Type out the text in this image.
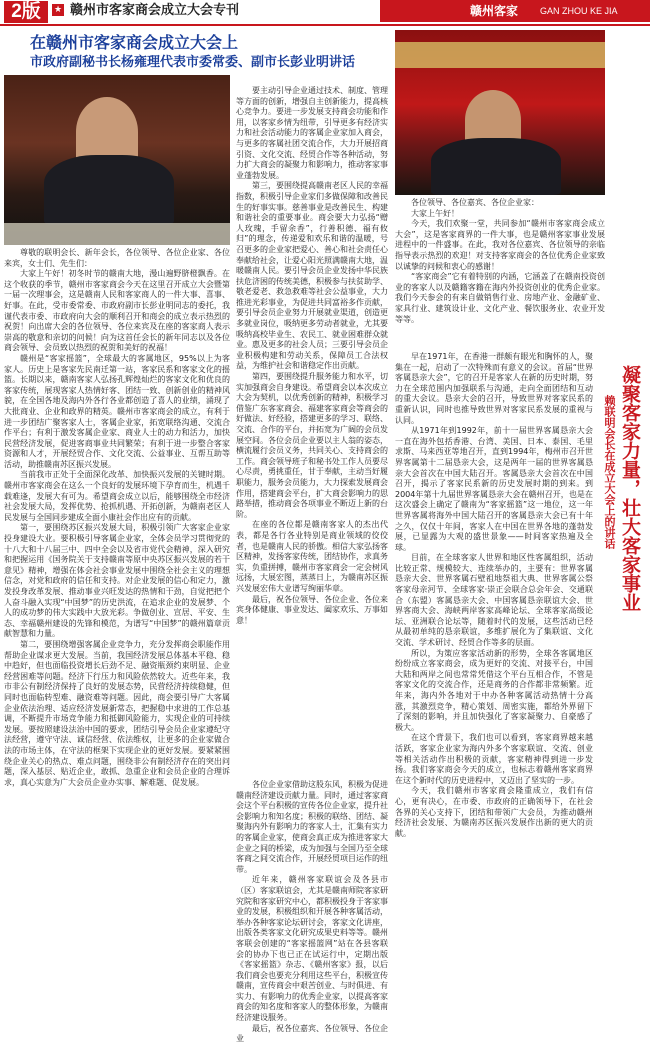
2版	★ 赣州市客家商会成立大会专刊	赣州客家 GAN ZHOU KE JIA
在赣州市客家商会成立大会上
市政府副秘书长杨雍理代表市委常委、副市长彭业明讲话

尊敬的联明会长、新年会长，各位领导、各位企业家、各位来宾，女士们、先生们：

大家上午好！初冬时节的赣南大地，漫山遍野脐橙飘香。在这个收获的季节，赣州市客家商会今天在这里召开成立大会暨第一届一次理事会，这是赣南人民和客家商人的一件大事、喜事、好事。在此，受市委常委、市政府副市长彭业明同志的委托，我谨代表市委、市政府向大会的顺利召开和商会的成立表示热烈的祝贺！向出席大会的各位领导、各位来宾及在座的客家商人表示崇高的敬意和亲切的问候！向为这首任会长的新年同志以及各位商会领导、会员致以热烈的祝贺和美好的祝福！

赣州是“客家摇篮”，全球最大的客属地区，95%以上为客家人。历史上是客家先民南迁第一站，客家民系和客家文化的摇篮。长期以来，赣南客家人弘扬孔辉煌灿烂的客家文化和优良的客家传统，展现客家人热情好客、团结一致、创新创业的精神风貌，在全国各地及海内外各行各业都创造了喜人的业绩，涌现了大批商业、企业和政界的精英。赣州市客家商会的成立，有利于进一步团结广聚客家人士，客属企业家，拓宽联络沟通、交流合作平台；有利于激发客属企业家、商业人士的动力和活力，加快民营经济发展，促进客商事业共同繁荣；有利于进一步整合客家资源和人才，开展经贸合作、文化交流、公益事业、互帮互助等活动，助推赣南苏区振兴发展。

当前我市正处于全面深化改革、加快振兴发展的关键时期。赣州市客家商会在这么一个良好的发展环境下孕育而生，机遇千载难逢，发展大有可为。希望商会成立以后，能够围绕全市经济社会发展大局，发挥优势、抢抓机遇、开拓创新，为赣南老区人民发展与全国同步建成全面小康社会作出应有的贡献。

第一，要围绕苏区振兴发展大局，积极引领广大客家企业家投身建设大业。要积极引导客属企业家，全体会员学习贯彻党的十八大和十八届三中、四中全会以及省市党代会精神，深入研究和把握运用《国务院关于支持赣南等原中央苏区振兴发展的若干意见》精神，增强在体会社会事业发展中围绕全社会主义的理想信念，对党和政府的信任和支持。对企业发展的信心和定力，激发投身改革发展、推动事业兴旺发达的热情和干劲，自觉把把个人奋斗融入实现“中国梦”的历史洪流，在追求企业的发展梦、个人的成功梦的伟大实践中大放光彩。争做创业、宣居、平安、生态、幸福赣州建设的先锋和模范，为谱写“中国梦”的赣州篇章贡献智慧和力量。

第二，要围绕增强客属企业竞争力，充分发挥商会职能作用帮助企业谋求更大发展。当前，我国经济发展总体基本平稳、稳中趋好，但也面临投资增长后劲不足、融资瓶颈约束明显、企业经营困难等问题。经济下行压力和风险依然较大。近些年来，我市非公有制经济保持了良好的发展态势，民营经济持续稳健，但同时也面临转型难、融资难等问题。因此，商会要引导广大客属企业依法治理、适应经济发展新常态，把握稳中求进的工作总基调，不断提升市场竞争能力和抵御风险能力，实现企业的可持续发展。要按照建设法治中国的要求，团结引导会员企业家遵纪守法经营，遵守守法、诚信经营、依法维权，让更多的企业家做合法的市场主体，在守法的框架下实现企业的更好发展。要紧紧围绕企业关心的热点、难点问题，围绕非公有制经济存在的突出问题，深入基层、贴近企业，敢抓、急重企业和会员企业的合理诉求，真心实意为广大会员企业办实事、解难题、促发展。

要主动引导企业通过技术、制度、管理等方面的创新，增强自主创新能力，提高核心竞争力。要进一步发展支持商会功能和作用，以客家乡情为纽带，引导更多有经济实力和社会活动能力的客属企业家加入商会，与更多的客属社团交流合作，大力开展招商引资、文化交流、经贸合作等各种活动，努力扩大商会的凝聚力和影响力，推动客家事业蓬勃发展。

第三，要围绕提高赣南老区人民的幸福指数，积极引导企业家们多做保障和改善民生的好事实事。慈善事业是改善民生、构建和谐社会的重要事业。商会要大力弘扬“赠人玫瑰，手留余香”，行善积德、福有攸归”的理念，传递爱和欢乐和谐的温暖，号召更多的企业家把爱心、善心和社会责任心奉献给社会，让爱心阳光照满赣南大地，温暖赣南人民。要引导会员企业发扬中华民族扶危济困的传统美德，积极参与扶贫助学、敬老爱老、救急救难等社会公益事业，大力推进光彩事业，为促进共同富裕多作贡献，要引导会员企业努力开展就业渠道，创造更多就业岗位，吸纳更多劳动者就业，尤其要吸纳高校毕业生、农民工、就业困难群众就业。惠及更多的社会人员；三要引导会员企业积极构建和劳动关系，保障员工合法权益，为维护社会和谐稳定作出贡献。

第四，要围绕提升服务能力和水平，切实加强商会自身建设。希望商会以本次成立大会为契机，以优秀创新的精神，积极学习借鉴广东客家商会、福建客家商会等商会的好做法、好经验，搭建更多的学习、联络、交流、合作的平台，并拓宽为广阔的会员发展空间。各位会员企业要以主人翁的姿态，横流履行会员义务，共同关心、支持商会的工作。商会领导班子和秘书处工作人员要尽心尽责，勇挑重任，甘于奉献，主动当好履职能力，服务会员能力，大力探索发展商会作用，搭建商会平台，扩大商会影响力的思路举措，推动商会各项事业不断迈上新的台阶。

在座的各位都是赣南客家人的杰出代表，都是各行各业特别是商业领域的佼佼者，也是赣南人民的骄傲。相信大家弘扬客区精神，发扬客家传统，团结协作，求真务实，负重拼搏，赣州市客家商会一定会树风远扬，大展宏图，蒸蒸日上，为赣南苏区振兴发展宏伟大业谱写绚丽华章。

最后，祝各位领导、各位企业、各位来宾身体健康、事业发达、阖家欢乐、万事如意！

各位领导、各位嘉宾、各位企业家：

大家上午好！

今天，我们欢聚一堂，共同参加“赣州市客家商会成立大会”，这是客家商界的一件大事，也是赣州客家事业发展进程中的一件盛事。在此，我对各位嘉宾、各位领导的亲临指导表示热烈的欢迎！对支持客家商会的各位优秀企业家致以诚挚的问候和衷心的感谢！

“客家商会”它有着特别的内涵，它涵盖了在赣南投资创业的客家人以及赣籍客籍在海内外投资创业的优秀企业家。我们今天参会的有来自做销售行业、房地产业、金融矿业、家具行业、建筑设计业、文化产业、餐饮服务业、农业开发等等。

早在1971年，在香港一群颇有眼光和胸怀的人，聚集在一起，启动了一次特殊而有意义的会议。首届“世界客属恳亲大会”，它的召开是客家人在新的历史时期，努力在全球范围内加强联系与沟通，走向全面团结和互动的重大会议。恳亲大会的召开，导致世界对客家民系的重新认识，同时也推导致世界对客家民系发展的重视与认同。

从1971年到1992年，前十一届世界客属恳亲大会一直在海外包括香港、台湾、美国、日本、泰国、毛里求斯、马来西亚等地召开，直到1994年，梅州市召开世界客属第十二届恳亲大会，这是两年一届的世界客属恳亲大会首次在中国大陆召开。客属恳亲大会首次在中国召开，揭示了客家民系新的历史发展时期的到来。到2004年第十九届世界客属恳亲大会在赣州召开，也是在这次盛会上确定了赣南为“客家摇篮”这一地位，这一年世界客属将海外中国大陆召开的客属恳亲大会已有十年之久，仅仅十年间，客家人在中国在世界各地的蓬勃发展，已显露为大观的盛世景象——时间客家热遍及全球。

目前，在全球客家人世界和地区性客属组织，活动比较正常、规模较大、连续举办的，主要有：世界客属恳亲大会、世界客属石壁祖地祭祖大典、世界客属公祭客家母亲河节、全球客家·崇正会联合总会年会、交通联合（东盟）客属恳亲大会、中国客属恳亲联谊大会、世界客商大会、海峡两岸客家高峰论坛、全球客家高级论坛、亚洲联合论坛等，随着时代的发展，这些活动已经从最初单纯的恳亲联谊，多维扩展化为了集联谊、文化交流、学术研讨、经贸合作等多的层面。

所以，为策应客家活动新的形势，全球各客属地区纷纷成立客家商会，成为更好的交流、对接平台，中国大陆和两岸之间也常常凭借这个平台互相合作，不管是客家文化的交流合作，还是商务的合作都非常频繁。近年来，海内外各地对于中办各种客属活动热情十分高涨，其激烈竞争，精心策划、周密实施，都给外界留下了深刻的影响，并且加快强化了客家凝聚力、自豪感了极大。

在这个背景下，我们也可以看到，客家商界越来越活跃，客家企业家为海内外多个客家联谊、交流、创业等相关活动作出积极的贡献，客家精神得到进一步发扬。我们客家商会今天的成立，也标志着赣州客家商界在这个新时代的历史进程中，又迈出了坚实的一步。

今天，我们赣州市客家商会隆重成立，我们有信心，更有决心，在市委、市政府的正确领导下，在社会各界的关心支持下，团结和带领广大会员，为推动赣州经济社会发展、为赣南苏区振兴发展作出新的更大的贡献。

各位企业家借助这股东风，积极为促进赣南经济建设贡献力量。同时，通过客家商会这个平台积极的宣传各位企业家，提升社会影响力和知名度；积极的联络、团结、凝聚海内外有影响力的客家人士，汇集有实力的客属企业家，使商会真正成为推进客家大企业之间的桥梁，成为加强与全国乃至全球客商之间交流合作，开展经贸项目运作的纽带。

近年来，赣州客家联谊会及各县市（区）客家联谊会，尤其是赣南师院客家研究院和客家研究中心，都积极投身于客家事业的发展，积极组织和开展各种客属活动，举办各种客家论坛研讨会，客家文化讲座，出版各类客家文化研究成果史料等等。赣州客联会创建的“客家摇篮网”站在各县客联会的协办下也已正在试运行中，定期出版《客家摇篮》杂志、《赣州客家》报，以后我们商会也要充分利用这些平台，积极宣传赣南，宣传商会中艰苦创业、与时俱进、有实力、有影响力的优秀企业家，以提高客家商会的知名度和客家人的整体形象，为赣南经济建设服务。

最后，祝各位嘉宾、各位领导、各位企业

凝聚客家力量，壮大客家事业
赖联明会长在成立大会上的讲话
